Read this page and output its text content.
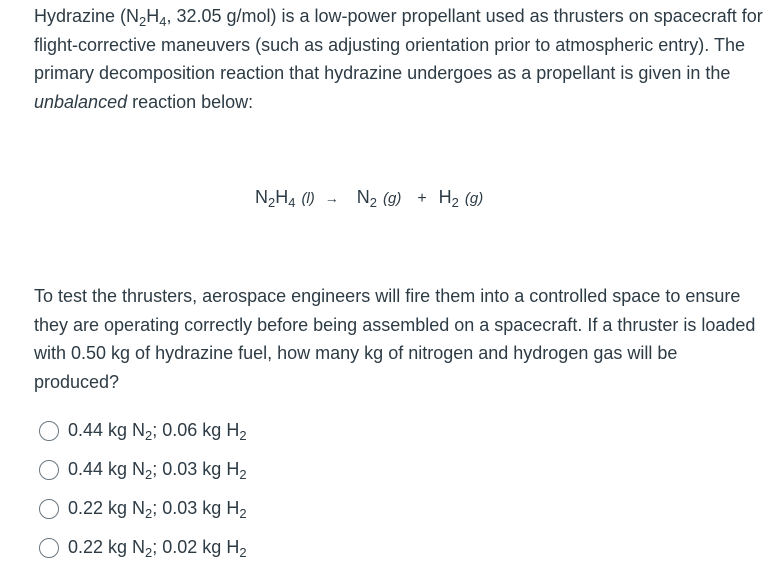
Hydrazine ($N_2H_4$, 32.05 g/mol) is a low-power propellant used as thrusters on spacecraft for flight-corrective maneuvers (such as adjusting orientation prior to atmospheric entry). The primary decomposition reaction that hydrazine undergoes as a propellant is given in the unbalanced reaction below:

$N_2H_4$ $(l) \to N_2$ $(g) + H_2$ (g)

To test the thrusters, aerospace engineers will fire them into a controlled space to ensure they are operating correctly before being assembled on a spacecraft. If a thruster is loaded with 0.50 kg of hydrazine fuel, how many kg of nitrogen and hydrogen gas will be produced?

0.44 kg $N_2$; 0.06 kg $H_2$
0.44 kg $N_2$; 0.03 kg $H_2$
0.22 kg $N_2$; 0.03 kg $H_2$
0.22 kg $N_2$; 0.02 kg $H_2$
